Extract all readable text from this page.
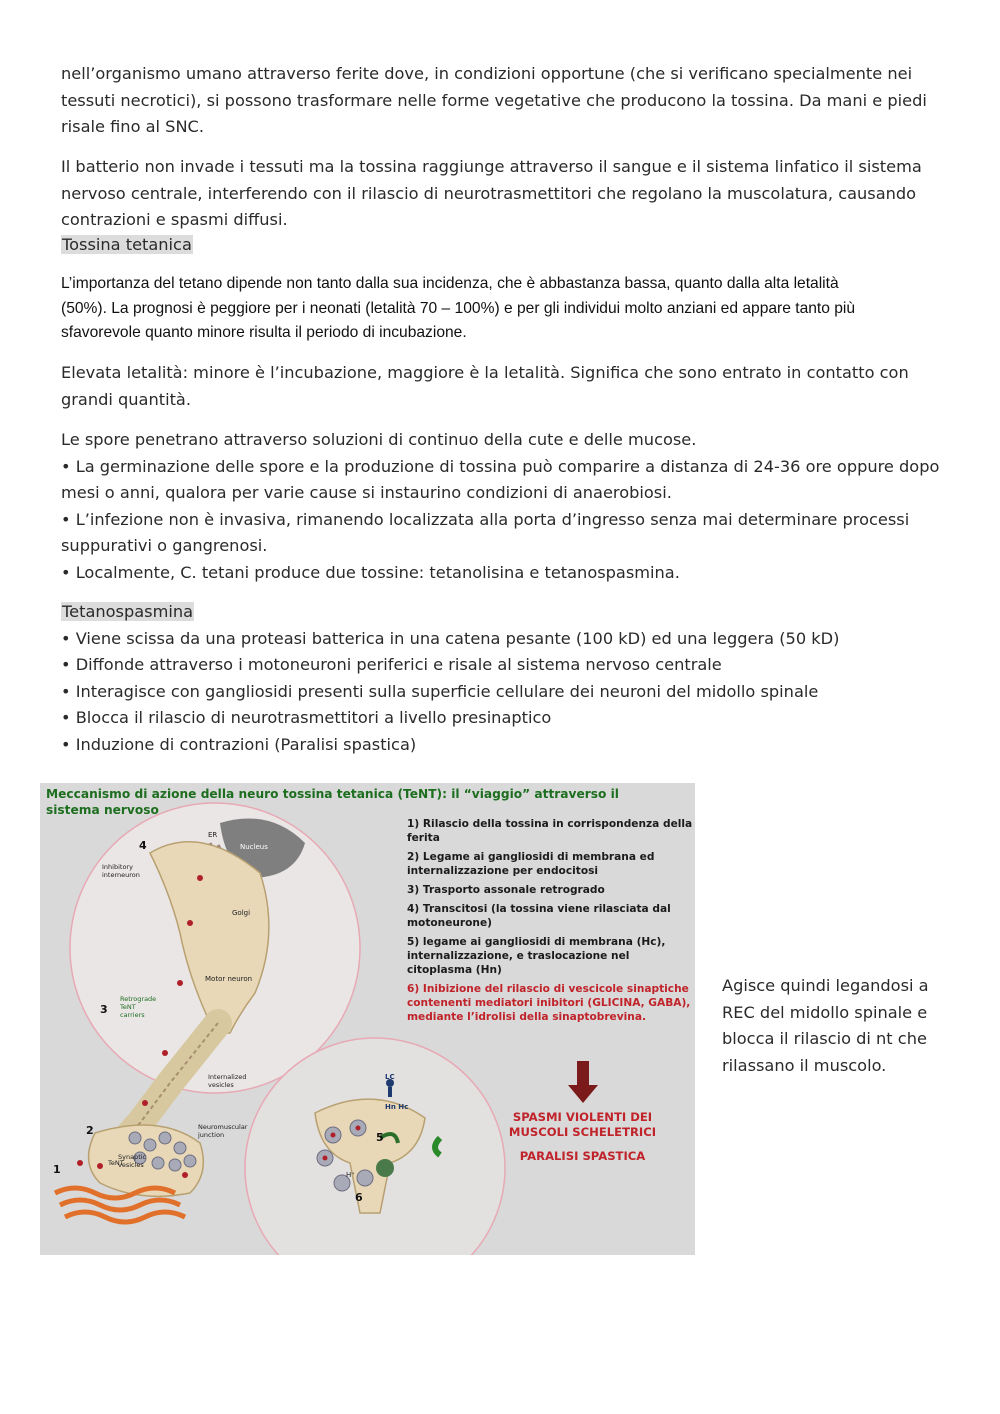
nell’organismo umano attraverso ferite dove, in condizioni opportune (che si verificano specialmente nei
tessuti necrotici), si possono trasformare nelle forme vegetative che producono la tossina. Da mani e piedi
risale fino al SNC.
Il batterio non invade i tessuti ma la tossina raggiunge attraverso il sangue e il sistema linfatico il sistema
nervoso centrale, interferendo con il rilascio di neurotrasmettitori che regolano la muscolatura, causando
contrazioni e spasmi diffusi.
Tossina tetanica
L’importanza del tetano dipende non tanto dalla sua incidenza, che è abbastanza bassa, quanto dalla alta letalità
(50%). La prognosi è peggiore per i neonati (letalità 70 – 100%) e per gli individui molto anziani ed appare tanto più
sfavorevole quanto minore risulta il periodo di incubazione.
Elevata letalità: minore è l’incubazione, maggiore è la letalità. Significa che sono entrato in contatto con
grandi quantità.
Le spore penetrano attraverso soluzioni di continuo della cute e delle mucose.
• La germinazione delle spore e la produzione di tossina può comparire a distanza di 24-36 ore oppure dopo
mesi o anni, qualora per varie cause si instaurino condizioni di anaerobiosi.
• L’infezione non è invasiva, rimanendo localizzata alla porta d’ingresso senza mai determinare processi
suppurativi o gangrenosi.
• Localmente, C. tetani produce due tossine: tetanolisina e tetanospasmina.
Tetanospasmina
• Viene scissa da una proteasi batterica in una catena pesante (100 kD) ed una leggera (50 kD)
• Diffonde attraverso i motoneuroni periferici e risale al sistema nervoso centrale
• Interagisce con gangliosidi presenti sulla superficie cellulare dei neuroni del midollo spinale
• Blocca il rilascio di neurotrasmettitori a livello presinaptico
• Induzione di contrazioni (Paralisi spastica)
Meccanismo di azione della neuro tossina tetanica (TeNT): il “viaggio” attraverso il
sistema nervoso
1) Rilascio della tossina in corrispondenza della ferita
2) Legame ai gangliosidi di membrana ed internalizzazione per endocitosi
3) Trasporto assonale retrogrado
4) Transcitosi (la tossina viene rilasciata dal motoneurone)
5) legame ai gangliosidi di membrana (Hc), internalizzazione, e traslocazione nel citoplasma (Hn)
6) Inibizione del rilascio di vescicole sinaptiche contenenti mediatori inibitori (GLICINA, GABA), mediante l’idrolisi della sinaptobrevina.
SPASMI VIOLENTI DEI
MUSCOLI SCHELETRICI
PARALISI SPASTICA
1
2
3
4
5
6
Nucleus
ER
Golgi
Motor neuron
Inhibitory interneuron
Retrograde TeNT carriers
Internalized vesicles
Neuromuscular junction
Synaptic vesicles
TeNT
LC
Hn Hc
H⁺
Agisce quindi legandosi a
REC del midollo spinale e
blocca il rilascio di nt che
rilassano il muscolo.
